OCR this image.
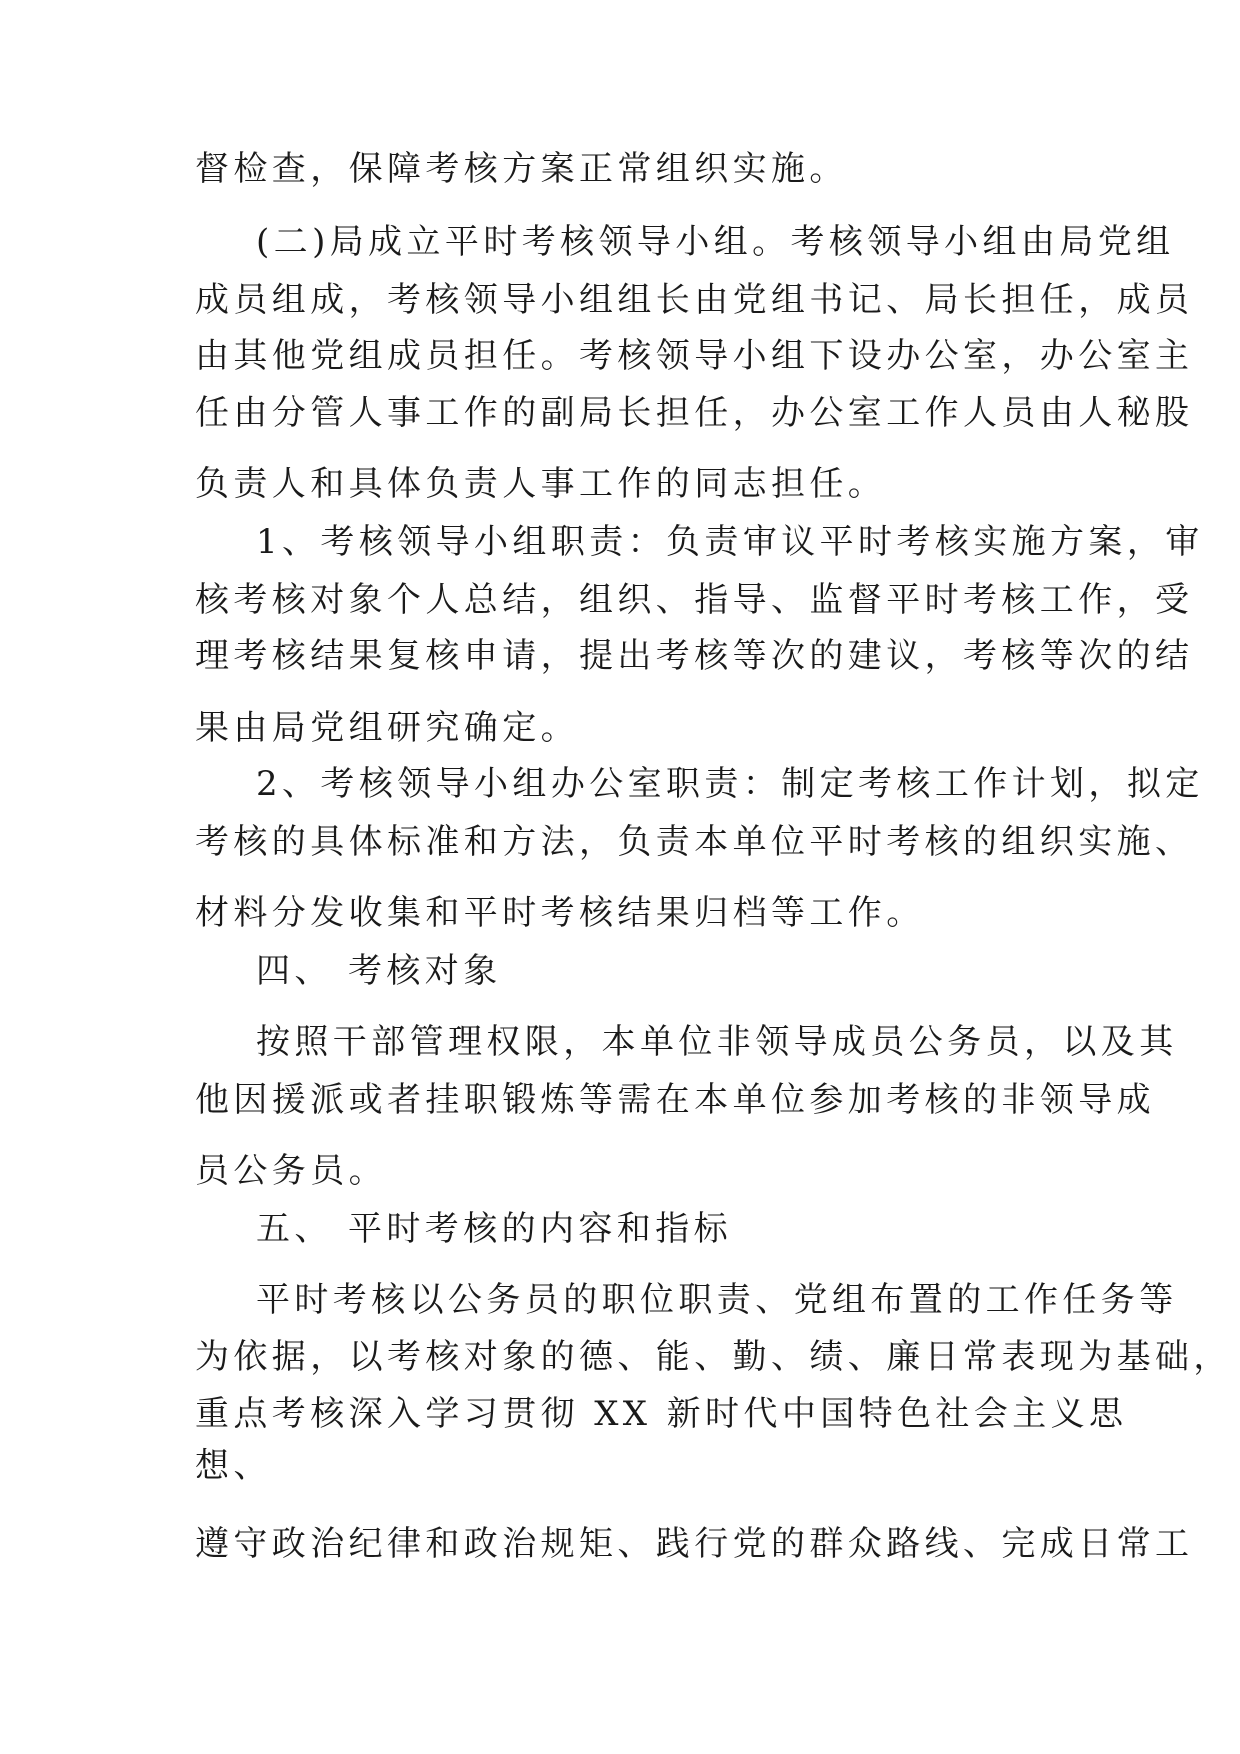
督检查，保障考核方案正常组织实施。
(二)局成立平时考核领导小组。考核领导小组由局党组
成员组成，考核领导小组组长由党组书记、局长担任，成员
由其他党组成员担任。考核领导小组下设办公室，办公室主
任由分管人事工作的副局长担任，办公室工作人员由人秘股
负责人和具体负责人事工作的同志担任。
1、考核领导小组职责：负责审议平时考核实施方案，审
核考核对象个人总结，组织、指导、监督平时考核工作，受
理考核结果复核申请，提出考核等次的建议，考核等次的结
果由局党组研究确定。
2、考核领导小组办公室职责：制定考核工作计划，拟定
考核的具体标准和方法，负责本单位平时考核的组织实施、
材料分发收集和平时考核结果归档等工作。
四、 考核对象
按照干部管理权限，本单位非领导成员公务员，以及其
他因援派或者挂职锻炼等需在本单位参加考核的非领导成
员公务员。
五、 平时考核的内容和指标
平时考核以公务员的职位职责、党组布置的工作任务等
为依据，以考核对象的德、能、勤、绩、廉日常表现为基础，
重点考核深入学习贯彻 XX 新时代中国特色社会主义思
想、
遵守政治纪律和政治规矩、践行党的群众路线、完成日常工
